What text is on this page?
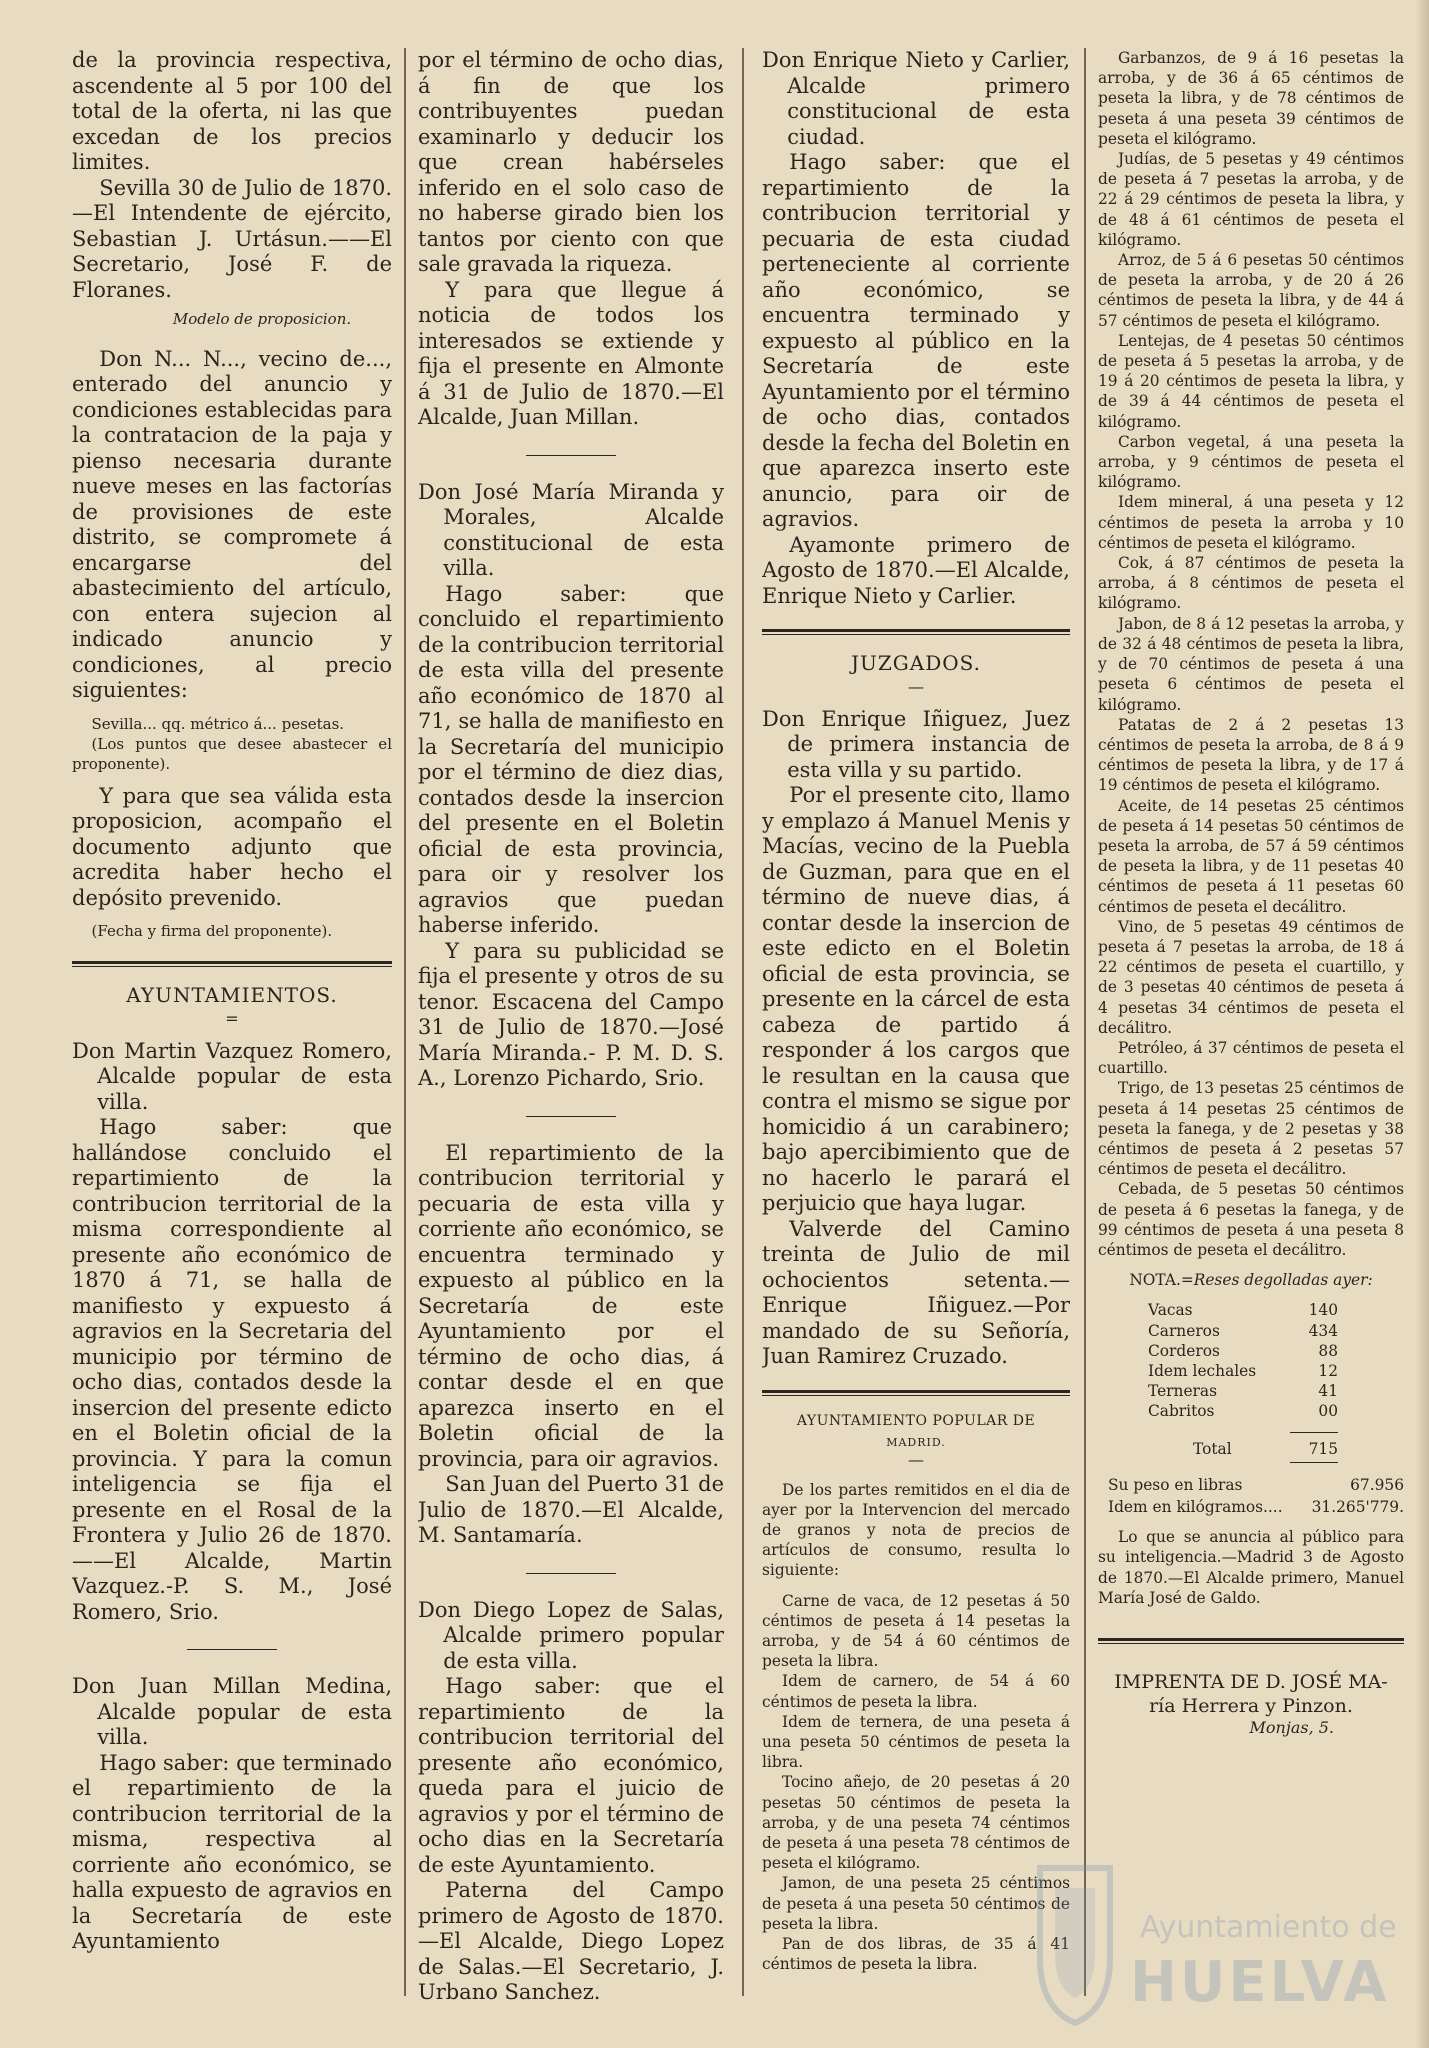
de la provincia respectiva, ascendente al 5 por 100 del total de la oferta, ni las que excedan de los precios limites.

Sevilla 30 de Julio de 1870. —El Intendente de ejército, Sebastian J. Urtásun.——El Secretario, José F. de Floranes.

Modelo de proposicion.

Don N... N..., vecino de..., enterado del anuncio y condiciones establecidas para la contratacion de la paja y pienso necesaria durante nueve meses en las factorías de provisiones de este distrito, se compromete á encargarse del abastecimiento del artículo, con entera sujecion al indicado anuncio y condiciones, al precio siguientes:

Sevilla... qq. métrico á... pesetas.

(Los puntos que desee abastecer el proponente).

Y para que sea válida esta proposicion, acompaño el documento adjunto que acredita haber hecho el depósito prevenido.

(Fecha y firma del proponente).

AYUNTAMIENTOS.

=

Don Martin Vazquez Romero, Alcalde popular de esta villa.

Hago saber: que hallándose concluido el repartimiento de la contribucion territorial de la misma correspondiente al presente año económico de 1870 á 71, se halla de manifiesto y expuesto á agravios en la Secretaria del municipio por término de ocho dias, contados desde la insercion del presente edicto en el Boletin oficial de la provincia. Y para la comun inteligencia se fija el presente en el Rosal de la Frontera y Julio 26 de 1870.——El Alcalde, Martin Vazquez.-P. S. M., José Romero, Srio.

Don Juan Millan Medina, Alcalde popular de esta villa.

Hago saber: que terminado el repartimiento de la contribucion territorial de la misma, respectiva al corriente año económico, se halla expuesto de agravios en la Secretaría de este Ayuntamiento

por el término de ocho dias, á fin de que los contribuyentes puedan examinarlo y deducir los que crean habérseles inferido en el solo caso de no haberse girado bien los tantos por ciento con que sale gravada la riqueza.

Y para que llegue á noticia de todos los interesados se extiende y fija el presente en Almonte á 31 de Julio de 1870.—El Alcalde, Juan Millan.

Don José María Miranda y Morales, Alcalde constitucional de esta villa.

Hago saber: que concluido el repartimiento de la contribucion territorial de esta villa del presente año económico de 1870 al 71, se halla de manifiesto en la Secretaría del municipio por el término de diez dias, contados desde la insercion del presente en el Boletin oficial de esta provincia, para oir y resolver los agravios que puedan haberse inferido.

Y para su publicidad se fija el presente y otros de su tenor. Escacena del Campo 31 de Julio de 1870.—José María Miranda.- P. M. D. S. A., Lorenzo Pichardo, Srio.

El repartimiento de la contribucion territorial y pecuaria de esta villa y corriente año económico, se encuentra terminado y expuesto al público en la Secretaría de este Ayuntamiento por el término de ocho dias, á contar desde el en que aparezca inserto en el Boletin oficial de la provincia, para oir agravios.

San Juan del Puerto 31 de Julio de 1870.—El Alcalde, M. Santamaría.

Don Diego Lopez de Salas, Alcalde primero popular de esta villa.

Hago saber: que el repartimiento de la contribucion territorial del presente año económico, queda para el juicio de agravios y por el término de ocho dias en la Secretaría de este Ayuntamiento.

Paterna del Campo primero de Agosto de 1870.—El Alcalde, Diego Lopez de Salas.—El Secretario, J. Urbano Sanchez.

Don Enrique Nieto y Carlier, Alcalde primero constitucional de esta ciudad.

Hago saber: que el repartimiento de la contribucion territorial y pecuaria de esta ciudad perteneciente al corriente año económico, se encuentra terminado y expuesto al público en la Secretaría de este Ayuntamiento por el término de ocho dias, contados desde la fecha del Boletin en que aparezca inserto este anuncio, para oir de agravios.

Ayamonte primero de Agosto de 1870.—El Alcalde, Enrique Nieto y Carlier.

JUZGADOS.

—

Don Enrique Iñiguez, Juez de primera instancia de esta villa y su partido.

Por el presente cito, llamo y emplazo á Manuel Menis y Macías, vecino de la Puebla de Guzman, para que en el término de nueve dias, á contar desde la insercion de este edicto en el Boletin oficial de esta provincia, se presente en la cárcel de esta cabeza de partido á responder á los cargos que le resultan en la causa que contra el mismo se sigue por homicidio á un carabinero; bajo apercibimiento que de no hacerlo le parará el perjuicio que haya lugar.

Valverde del Camino treinta de Julio de mil ochocientos setenta.—Enrique Iñiguez.—Por mandado de su Señoría, Juan Ramirez Cruzado.

AYUNTAMIENTO POPULAR DE

MADRID.

—

De los partes remitidos en el dia de ayer por la Intervencion del mercado de granos y nota de precios de artículos de consumo, resulta lo siguiente:

Carne de vaca, de 12 pesetas á 50 céntimos de peseta á 14 pesetas la arroba, y de 54 á 60 céntimos de peseta la libra.

Idem de carnero, de 54 á 60 céntimos de peseta la libra.

Idem de ternera, de una peseta á una peseta 50 céntimos de peseta la libra.

Tocino añejo, de 20 pesetas á 20 pesetas 50 céntimos de peseta la arroba, y de una peseta 74 céntimos de peseta á una peseta 78 céntimos de peseta el kilógramo.

Jamon, de una peseta 25 céntimos de peseta á una peseta 50 céntimos de peseta la libra.

Pan de dos libras, de 35 á 41 céntimos de peseta la libra.

Garbanzos, de 9 á 16 pesetas la arroba, y de 36 á 65 céntimos de peseta la libra, y de 78 céntimos de peseta á una peseta 39 céntimos de peseta el kilógramo.

Judías, de 5 pesetas y 49 céntimos de peseta á 7 pesetas la arroba, y de 22 á 29 céntimos de peseta la libra, y de 48 á 61 céntimos de peseta el kilógramo.

Arroz, de 5 á 6 pesetas 50 céntimos de peseta la arroba, y de 20 á 26 céntimos de peseta la libra, y de 44 á 57 céntimos de peseta el kilógramo.

Lentejas, de 4 pesetas 50 céntimos de peseta á 5 pesetas la arroba, y de 19 á 20 céntimos de peseta la libra, y de 39 á 44 céntimos de peseta el kilógramo.

Carbon vegetal, á una peseta la arroba, y 9 céntimos de peseta el kilógramo.

Idem mineral, á una peseta y 12 céntimos de peseta la arroba y 10 céntimos de peseta el kilógramo.

Cok, á 87 céntimos de peseta la arroba, á 8 céntimos de peseta el kilógramo.

Jabon, de 8 á 12 pesetas la arroba, y de 32 á 48 céntimos de peseta la libra, y de 70 céntimos de peseta á una peseta 6 céntimos de peseta el kilógramo.

Patatas de 2 á 2 pesetas 13 céntimos de peseta la arroba, de 8 á 9 céntimos de peseta la libra, y de 17 á 19 céntimos de peseta el kilógramo.

Aceite, de 14 pesetas 25 céntimos de peseta á 14 pesetas 50 céntimos de peseta la arroba, de 57 á 59 céntimos de peseta la libra, y de 11 pesetas 40 céntimos de peseta á 11 pesetas 60 céntimos de peseta el decálitro.

Vino, de 5 pesetas 49 céntimos de peseta á 7 pesetas la arroba, de 18 á 22 céntimos de peseta el cuartillo, y de 3 pesetas 40 céntimos de peseta á 4 pesetas 34 céntimos de peseta el decálitro.

Petróleo, á 37 céntimos de peseta el cuartillo.

Trigo, de 13 pesetas 25 céntimos de peseta á 14 pesetas 25 céntimos de peseta la fanega, y de 2 pesetas y 38 céntimos de peseta á 2 pesetas 57 céntimos de peseta el decálitro.

Cebada, de 5 pesetas 50 céntimos de peseta á 6 pesetas la fanega, y de 99 céntimos de peseta á una peseta 8 céntimos de peseta el decálitro.

NOTA.=Reses degolladas ayer:

Vacas	140
Carneros	434
Corderos	88
Idem lechales	12
Terneras	41
Cabritos	00
Total	715
Su peso en libras	67.956
Idem en kilógramos.... 31.265'779.

Lo que se anuncia al público para su inteligencia.—Madrid 3 de Agosto de 1870.—El Alcalde primero, Manuel María José de Galdo.

IMPRENTA DE D. JOSÉ MA-

ría Herrera y Pinzon.

Monjas, 5.

Ayuntamiento de
HUELVA
